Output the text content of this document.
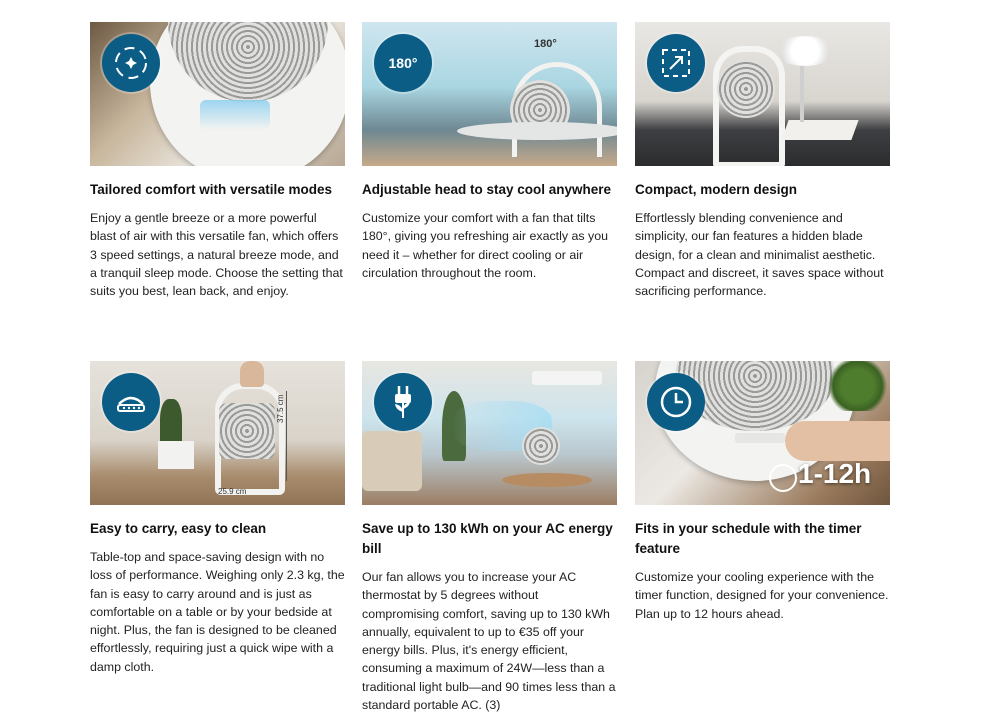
Tailored comfort with versatile modes

Enjoy a gentle breeze or a more powerful blast of air with this versatile fan, which offers 3 speed settings, a natural breeze mode, and a tranquil sleep mode. Choose the setting that suits you best, lean back, and enjoy.

180°
180°
Adjustable head to stay cool anywhere

Customize your comfort with a fan that tilts 180°, giving you refreshing air exactly as you need it – whether for direct cooling or air circulation throughout the room.

Compact, modern design

Effortlessly blending convenience and simplicity, our fan features a hidden blade design, for a clean and minimalist aesthetic. Compact and discreet, it saves space without sacrificing performance.

37.5 cm
25.9 cm
Easy to carry, easy to clean

Table-top and space-saving design with no loss of performance. Weighing only 2.3 kg, the fan is easy to carry around and is just as comfortable on a table or by your bedside at night. Plus, the fan is designed to be cleaned effortlessly, requiring just a quick wipe with a damp cloth.

Save up to 130 kWh on your AC energy bill

Our fan allows you to increase your AC thermostat by 5 degrees without compromising comfort, saving up to 130 kWh annually, equivalent to up to €35 off your energy bills. Plus, it's energy efficient, consuming a maximum of 24W—less than a traditional light bulb—and 90 times less than a standard portable AC. (3)

1-12h
Fits in your schedule with the timer feature

Customize your cooling experience with the timer function, designed for your convenience. Plan up to 12 hours ahead.
